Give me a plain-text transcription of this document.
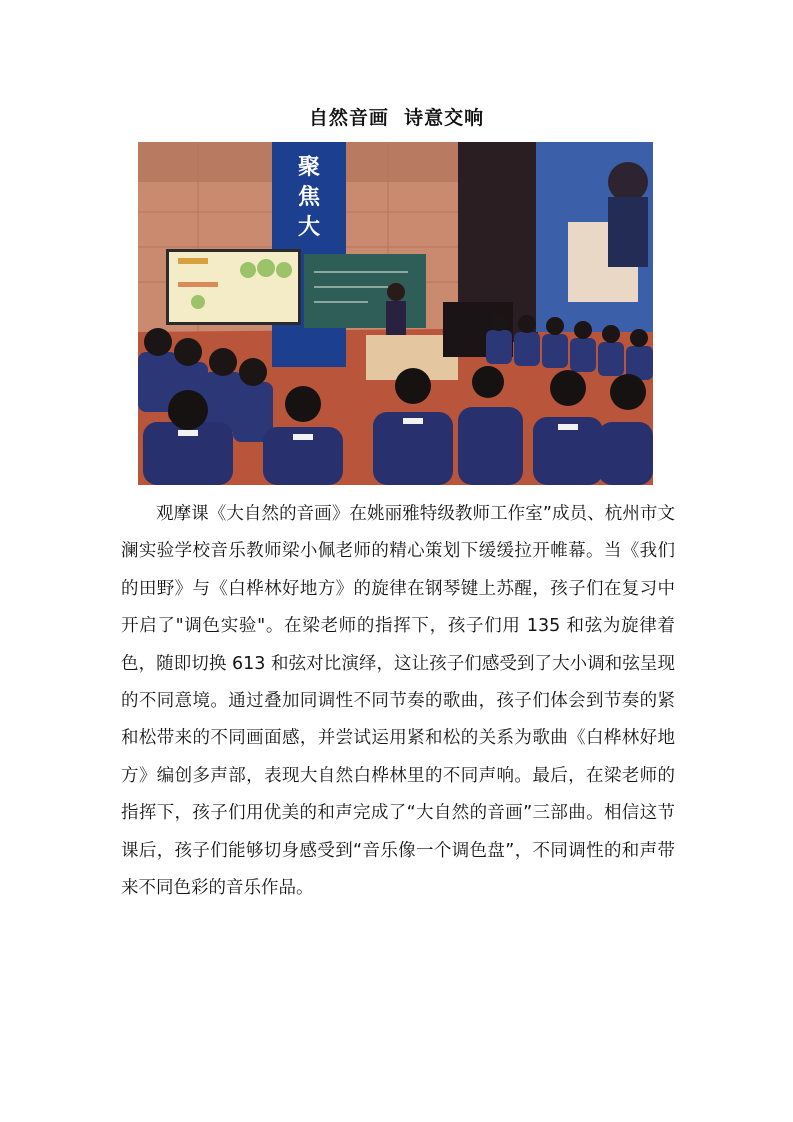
自然音画  诗意交响
聚
焦
大

观摩课《大自然的音画》在姚丽雅特级教师工作室”成员、杭州市文澜实验学校音乐教师梁小佩老师的精心策划下缓缓拉开帷幕。当《我们的田野》与《白桦林好地方》的旋律在钢琴键上苏醒，孩子们在复习中开启了"调色实验"。在梁老师的指挥下，孩子们用 135 和弦为旋律着色，随即切换 613 和弦对比演绎，这让孩子们感受到了大小调和弦呈现的不同意境。通过叠加同调性不同节奏的歌曲，孩子们体会到节奏的紧和松带来的不同画面感，并尝试运用紧和松的关系为歌曲《白桦林好地方》编创多声部，表现大自然白桦林里的不同声响。最后，在梁老师的指挥下，孩子们用优美的和声完成了“大自然的音画”三部曲。相信这节课后，孩子们能够切身感受到“音乐像一个调色盘”，不同调性的和声带来不同色彩的音乐作品。
